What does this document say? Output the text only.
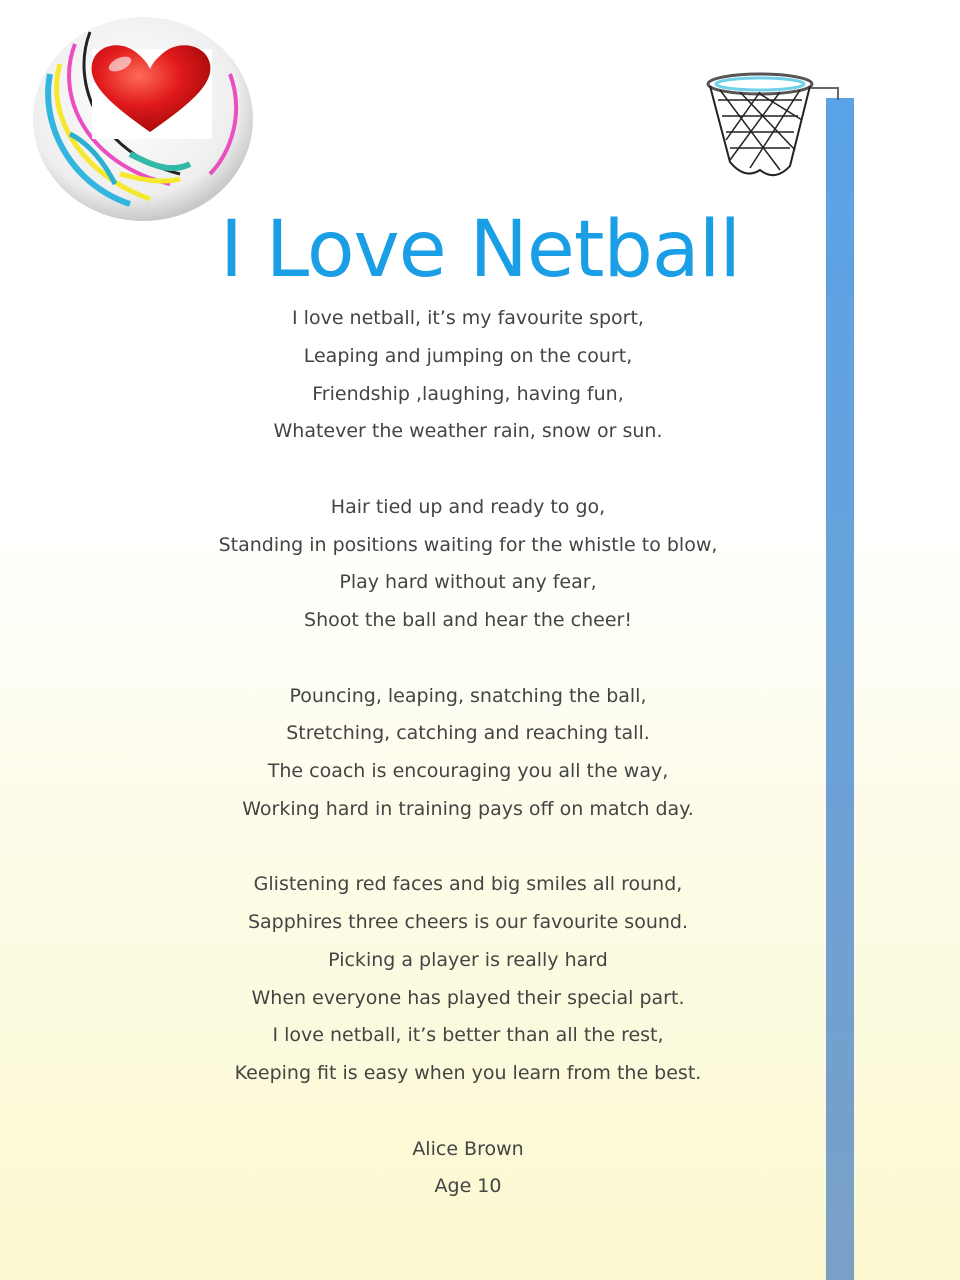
I Love Netball
I love netball, it’s my favourite sport,
Leaping and jumping on the court,
Friendship ,laughing, having fun,
Whatever the weather rain, snow or sun.
Hair tied up and ready to go,
Standing in positions waiting for the whistle to blow,
Play hard without any fear,
Shoot the ball and hear the cheer!
Pouncing, leaping, snatching the ball,
Stretching, catching and reaching tall.
The coach is encouraging you all the way,
Working hard in training pays off on match day.
Glistening red faces and big smiles all round,
Sapphires three cheers is our favourite sound.
Picking a player is really hard
When everyone has played their special part.
I love netball, it’s better than all the rest,
Keeping fit is easy when you learn from the best.
Alice Brown
Age 10
